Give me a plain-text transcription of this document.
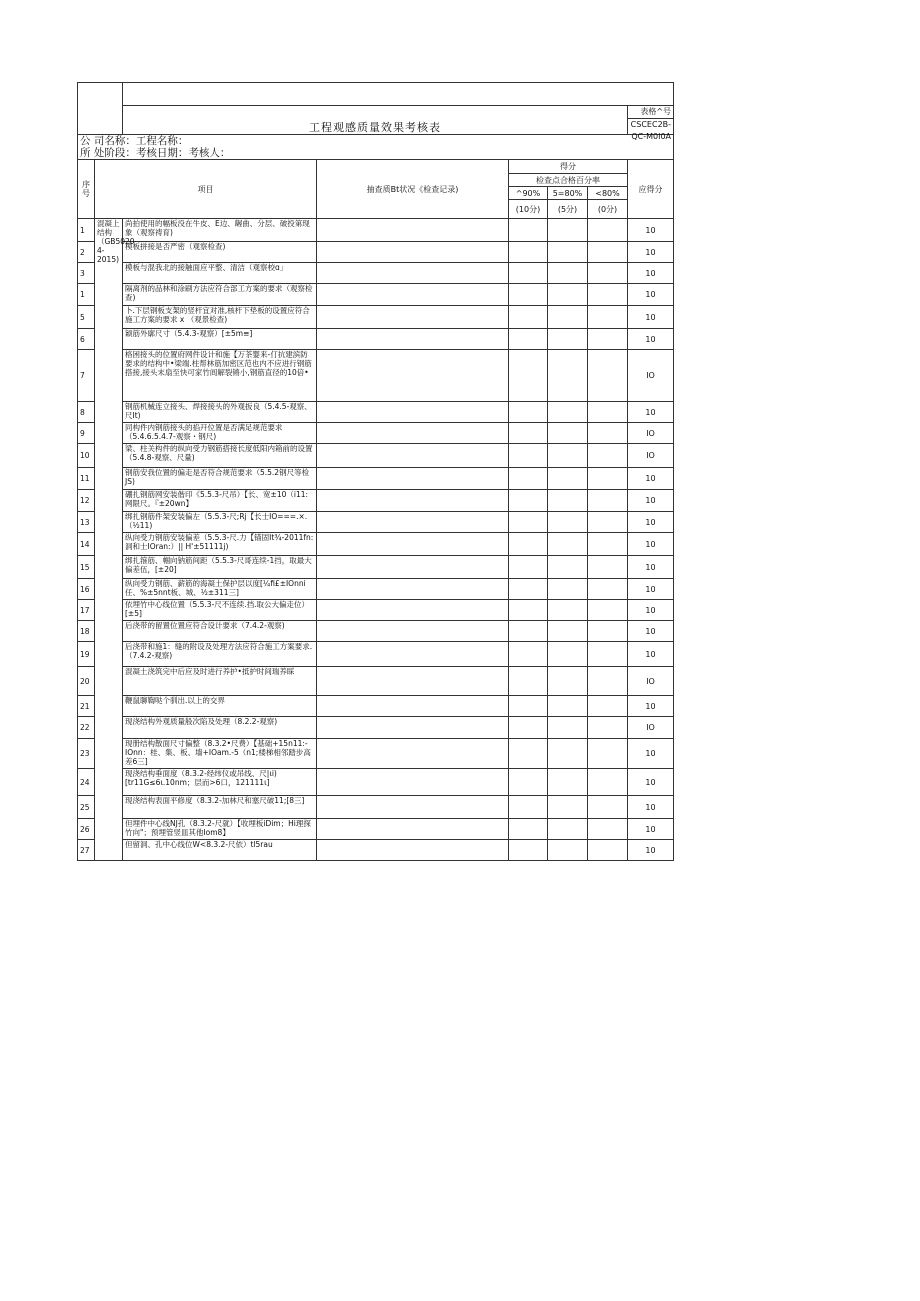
		工程观感质量效果考核表					表格^号
CSCEC2B-QC-M0I0A

公 司名称：工程名称：							
所 处阶段：考核日期：考核人：							
序号	项目		抽查质Bt状况《检查记录)	得分			应得分
				检查点合格百分率			
				^90%	5=80%	<80%	
				(10分)	(5分)	(0分)	
1	混凝上结构（GB5020 4-2015)	尚拍使用的幅板没在牛皮、E边、龌曲、分层、破投第现象（观察祷育)					10
2		模板拼接是否严密（观察检查)					10
3		模板与混我北的接触面应平整、清洁（观察校ɑ」					10
1		隔离剂的品林和涂刷方法应符合部工方案的要求（观察检查)					10
5		卜.下层钢板支架的竖杆宜对准,核杆下垫板的设置应符合施工方案的要求 x （观景检查)					10
6		颖筋外廓尺寸（5.4.3-观察）[±5m≡]					10
7		格困接头的位置府网件设计和施【万茶婴来-仃抗建滨防要求的结构中•梁端.柱帮林筋加密区范也内不应进行钢筋搭接,接头末扇至快可家竹闾解裂锵小,钢筋直径的10倍•					IO
8		钢筋机械连立接头、焊接接头的外观扳良（5.4.5-观察、尺It)					10
9		同构件内钢筋接头的掐幵位置是否满足规范要求（5.4.6.5.4.7-观察・钢尺)					IO
10		梁、柱关构件的纵向受力钢筋搭接长度低阳内箱前的设置（5.4.8-观察、尺量)					IO
11		钢筋安我位置的偏走是否符合规范要求（5.5.2钢尺等检JS)					10
12		硼扎钢筋网安装偕印《5.5.3-尺吊）【长、宽±10（i11:网限尺。『±20wn】					10
13		绑扎钢筋件架安装偏左（5.5.3-尺;Rj【长士IO===.×.（½11)					10
14		纵向受力钢筋安装偏差（5.5.3-尺.力【锚固It¾-2011fn:洞和士IOran:）|| H'±51111j)					10
15		绑扎箍筋、帼向钠筋间距（5.5.3-尺哥连续-1挡，取最大偏差伍，[±20]					10
16		纵向受力钢筋、薪筋的海凝土保护层以度[¼fi£±IOnni任、%±5nnt板、城、½±311三]					10
17		依埋竹中心线位置（5.5.3-尺不连续.挡.取公大偏走位）[±5]					10
18		后浇带的留置位置应符合设计要求（7.4.2-观察)					10
19		后浇带和施1：缝的附设及处理方法应符合施工方案要求.（7.4.2-观察)					10
20		混凝土浇筑完中后应及时进行养护•抵护时间瑞养睬					IO
21		鞭鼠聊鞫哒个驯出.以上的交界					10
22		现浇结构外观质量般次陷及处理（8.2.2-观察)					IO
23		现册结构散面尺寸偏整（8.3.2•尺费）【基础+15n11:-IOnn：桂、集、板、墙+IOam.-5（n1;楼梯相邻踏步高差6三]					10
24		现浇结构垂面度（8.3.2-经纬仪或吊线、尺|ιi)[tr11G≤6ι.10nm；层而>6口，121111ι]					10
25		现浇结构表面平修度（8.3.2-加林尺和塞尺破11;[8三]					10
26		但埋件中心线NJ孔（8.3.2-尺就）【收埋板iDim；Hi理探竹向"；预埋管竖皿其他Iom8】					10
27		但留洞、孔中心线位W<8.3.2-尺依）tl5rau					10
